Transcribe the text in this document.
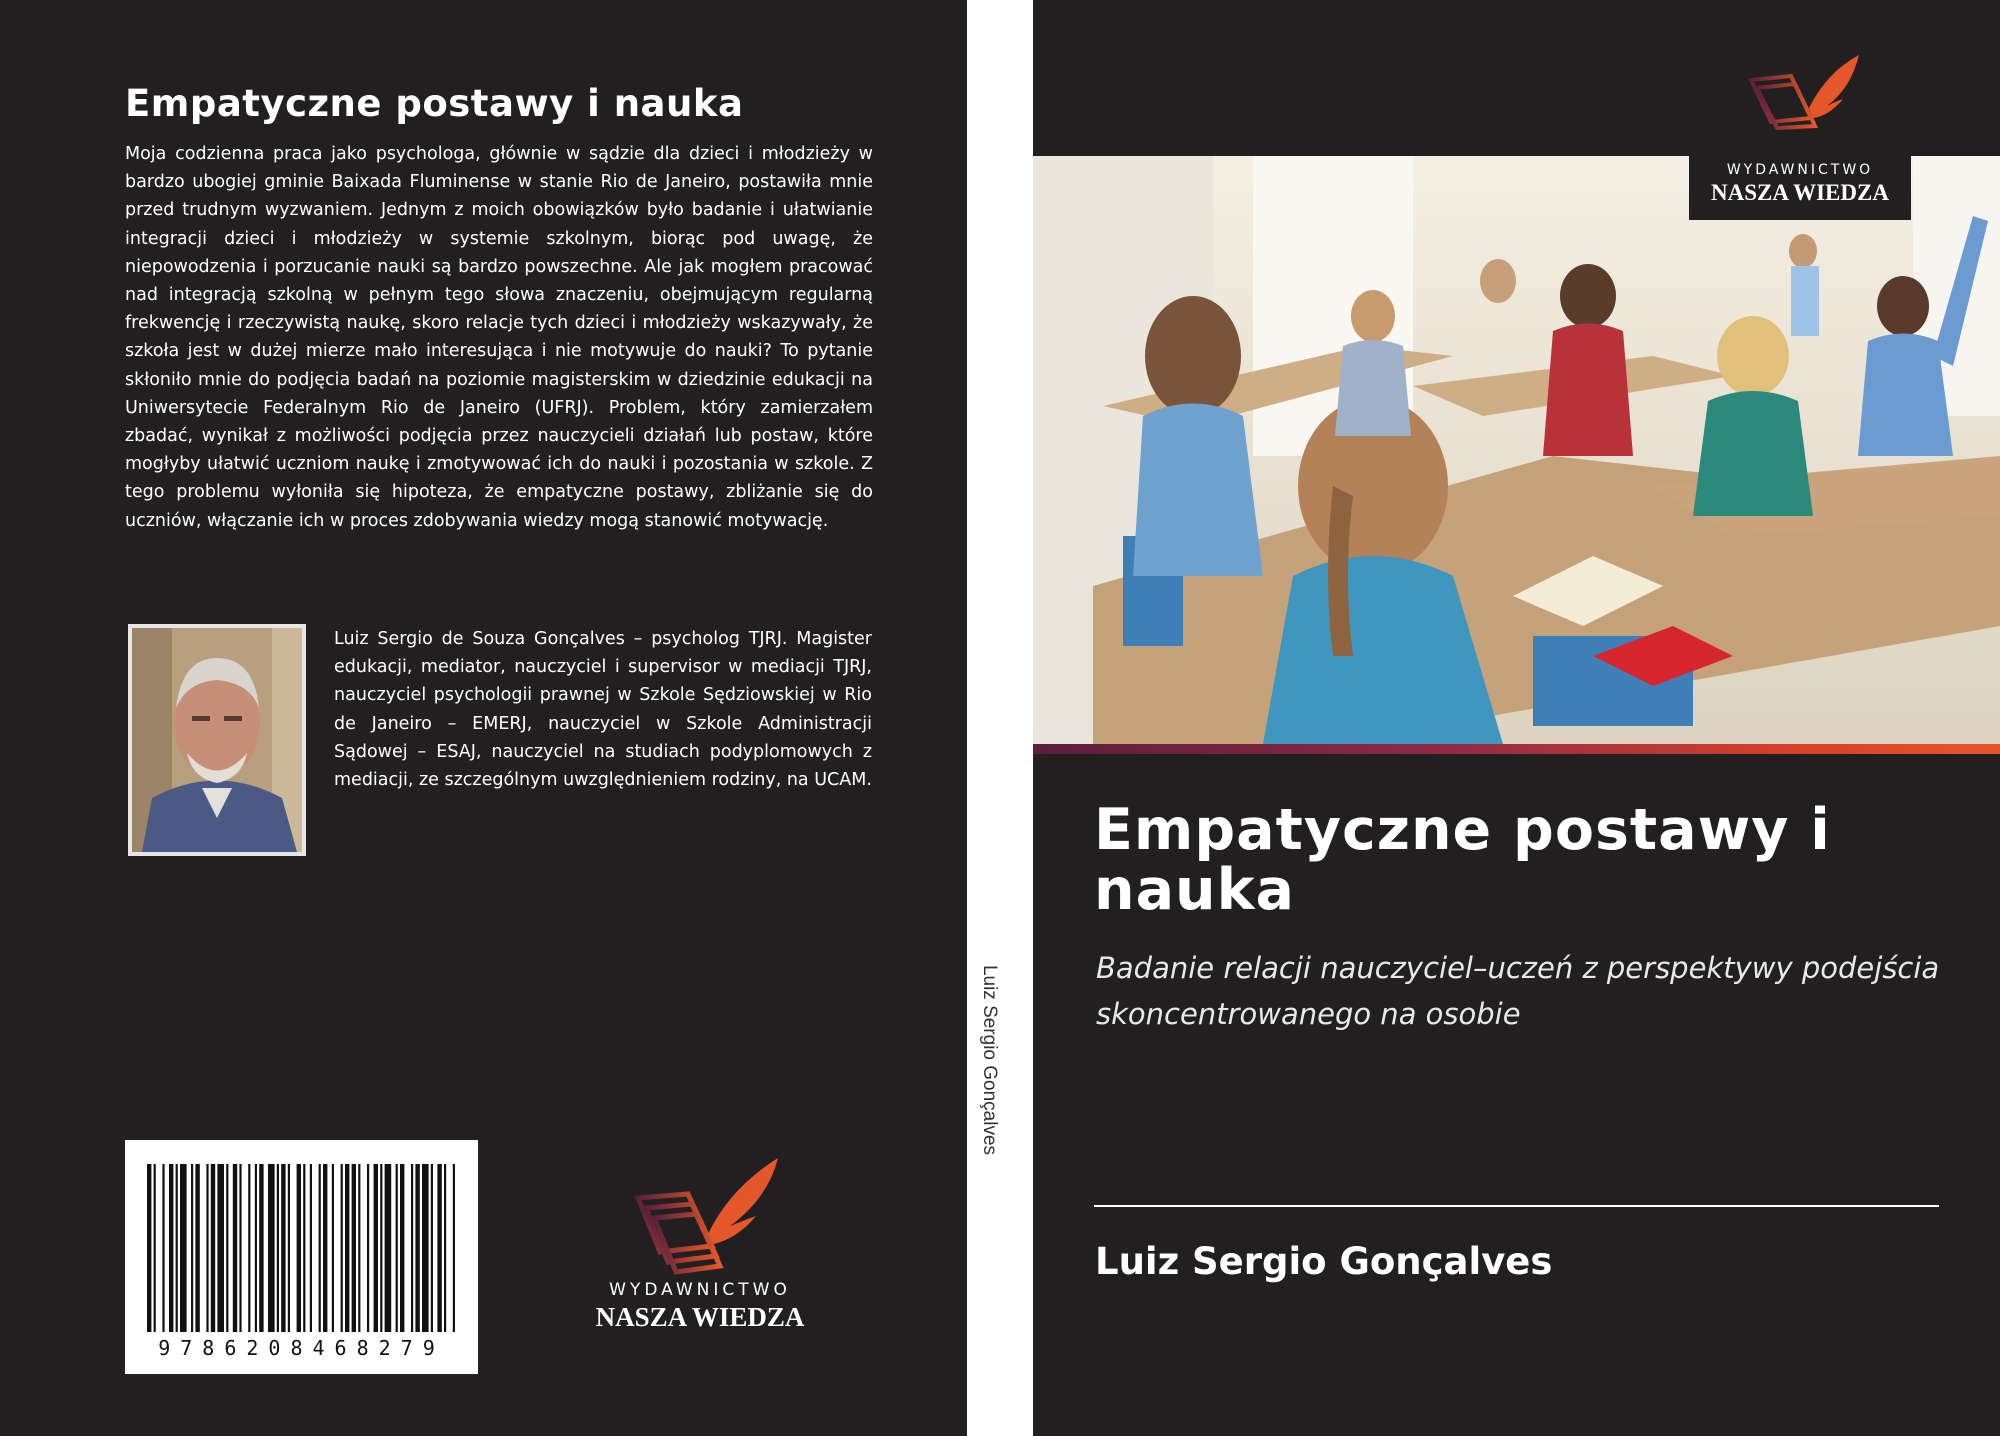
Empatyczne postawy i nauka

Moja codzienna praca jako psychologa, głównie w sądzie dla dzieci i młodzieży w bardzo ubogiej gminie Baixada Fluminense w stanie Rio de Janeiro, postawiła mnie przed trudnym wyzwaniem. Jednym z moich obowiązków było badanie i ułatwianie integracji dzieci i młodzieży w systemie szkolnym, biorąc pod uwagę, że niepowodzenia i porzucanie nauki są bardzo powszechne. Ale jak mogłem pracować nad integracją szkolną w pełnym tego słowa znaczeniu, obejmującym regularną frekwencję i rzeczywistą naukę, skoro relacje tych dzieci i młodzieży wskazywały, że szkoła jest w dużej mierze mało interesująca i nie motywuje do nauki? To pytanie skłoniło mnie do podjęcia badań na poziomie magisterskim w dziedzinie edukacji na Uniwersytecie Federalnym Rio de Janeiro (UFRJ). Problem, który zamierzałem zbadać, wynikał z możliwości podjęcia przez nauczycieli działań lub postaw, które mogłyby ułatwić uczniom naukę i zmotywować ich do nauki i pozostania w szkole. Z tego problemu wyłoniła się hipoteza, że empatyczne postawy, zbliżanie się do uczniów, włączanie ich w proces zdobywania wiedzy mogą stanowić motywację.

Luiz Sergio de Souza Gonçalves – psycholog TJRJ. Magister edukacji, mediator, nauczyciel i supervisor w mediacji TJRJ, nauczyciel psychologii prawnej w Szkole Sędziowskiej w Rio de Janeiro – EMERJ, nauczyciel w Szkole Administracji Sądowej – ESAJ, nauczyciel na studiach podyplomowych z mediacji, ze szczególnym uwzględnieniem rodziny, na UCAM.

9786208468279
WYDAWNICTWO
NASZA WIEDZA
Luiz Sergio Gonçalves
WYDAWNICTWO
NASZA WIEDZA
Empatyczne postawy i nauka

Badanie relacji nauczyciel–uczeń z perspektywy podejścia skoncentrowanego na osobie

Luiz Sergio Gonçalves
